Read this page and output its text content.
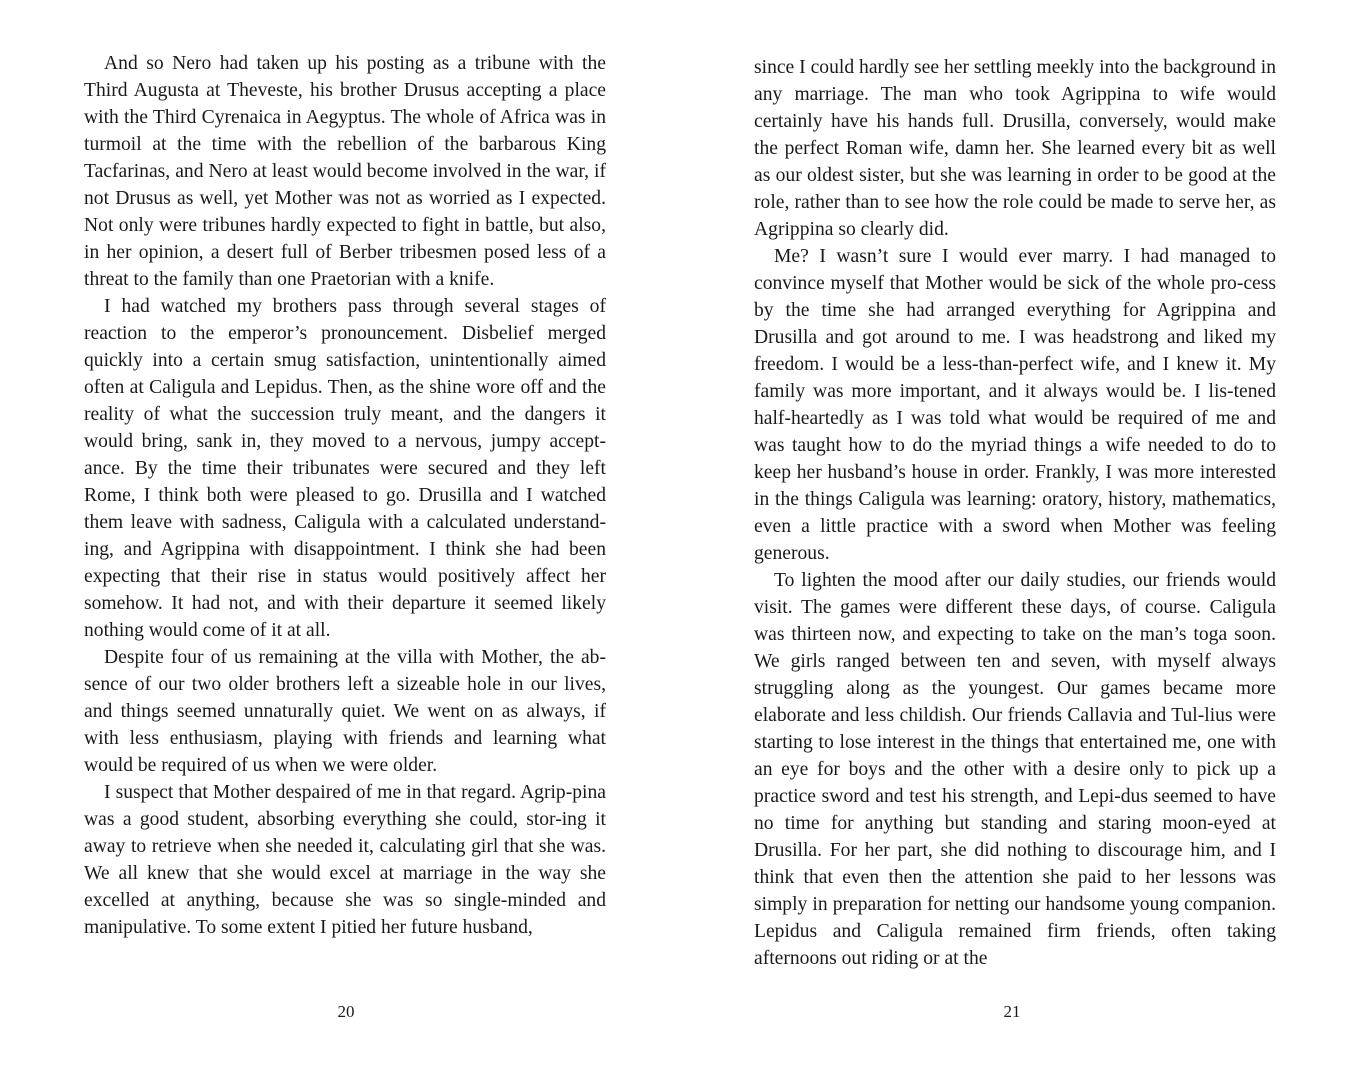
And so Nero had taken up his posting as a tribune with the Third Augusta at Theveste, his brother Drusus accepting a place with the Third Cyrenaica in Aegyptus. The whole of Africa was in turmoil at the time with the rebellion of the barbarous King Tacfarinas, and Nero at least would become involved in the war, if not Drusus as well, yet Mother was not as worried as I expected. Not only were tribunes hardly expected to fight in battle, but also, in her opinion, a desert full of Berber tribesmen posed less of a threat to the family than one Praetorian with a knife.

I had watched my brothers pass through several stages of reaction to the emperor’s pronouncement. Disbelief merged quickly into a certain smug satisfaction, unintentionally aimed often at Caligula and Lepidus. Then, as the shine wore off and the reality of what the succession truly meant, and the dangers it would bring, sank in, they moved to a nervous, jumpy accept-ance. By the time their tribunates were secured and they left Rome, I think both were pleased to go. Drusilla and I watched them leave with sadness, Caligula with a calculated understand-ing, and Agrippina with disappointment. I think she had been expecting that their rise in status would positively affect her somehow. It had not, and with their departure it seemed likely nothing would come of it at all.

Despite four of us remaining at the villa with Mother, the ab-sence of our two older brothers left a sizeable hole in our lives, and things seemed unnaturally quiet. We went on as always, if with less enthusiasm, playing with friends and learning what would be required of us when we were older.

I suspect that Mother despaired of me in that regard. Agrip-pina was a good student, absorbing everything she could, stor-ing it away to retrieve when she needed it, calculating girl that she was. We all knew that she would excel at marriage in the way she excelled at anything, because she was so single-minded and manipulative. To some extent I pitied her future husband,

20

since I could hardly see her settling meekly into the background in any marriage. The man who took Agrippina to wife would certainly have his hands full. Drusilla, conversely, would make the perfect Roman wife, damn her. She learned every bit as well as our oldest sister, but she was learning in order to be good at the role, rather than to see how the role could be made to serve her, as Agrippina so clearly did.

Me? I wasn’t sure I would ever marry. I had managed to convince myself that Mother would be sick of the whole pro-cess by the time she had arranged everything for Agrippina and Drusilla and got around to me. I was headstrong and liked my freedom. I would be a less-than-perfect wife, and I knew it. My family was more important, and it always would be. I lis-tened half-heartedly as I was told what would be required of me and was taught how to do the myriad things a wife needed to do to keep her husband’s house in order. Frankly, I was more interested in the things Caligula was learning: oratory, history, mathematics, even a little practice with a sword when Mother was feeling generous.

To lighten the mood after our daily studies, our friends would visit. The games were different these days, of course. Caligula was thirteen now, and expecting to take on the man’s toga soon. We girls ranged between ten and seven, with myself always struggling along as the youngest. Our games became more elaborate and less childish. Our friends Callavia and Tul-lius were starting to lose interest in the things that entertained me, one with an eye for boys and the other with a desire only to pick up a practice sword and test his strength, and Lepi-dus seemed to have no time for anything but standing and staring moon-eyed at Drusilla. For her part, she did nothing to discourage him, and I think that even then the attention she paid to her lessons was simply in preparation for netting our handsome young companion. Lepidus and Caligula remained firm friends, often taking afternoons out riding or at the

21
